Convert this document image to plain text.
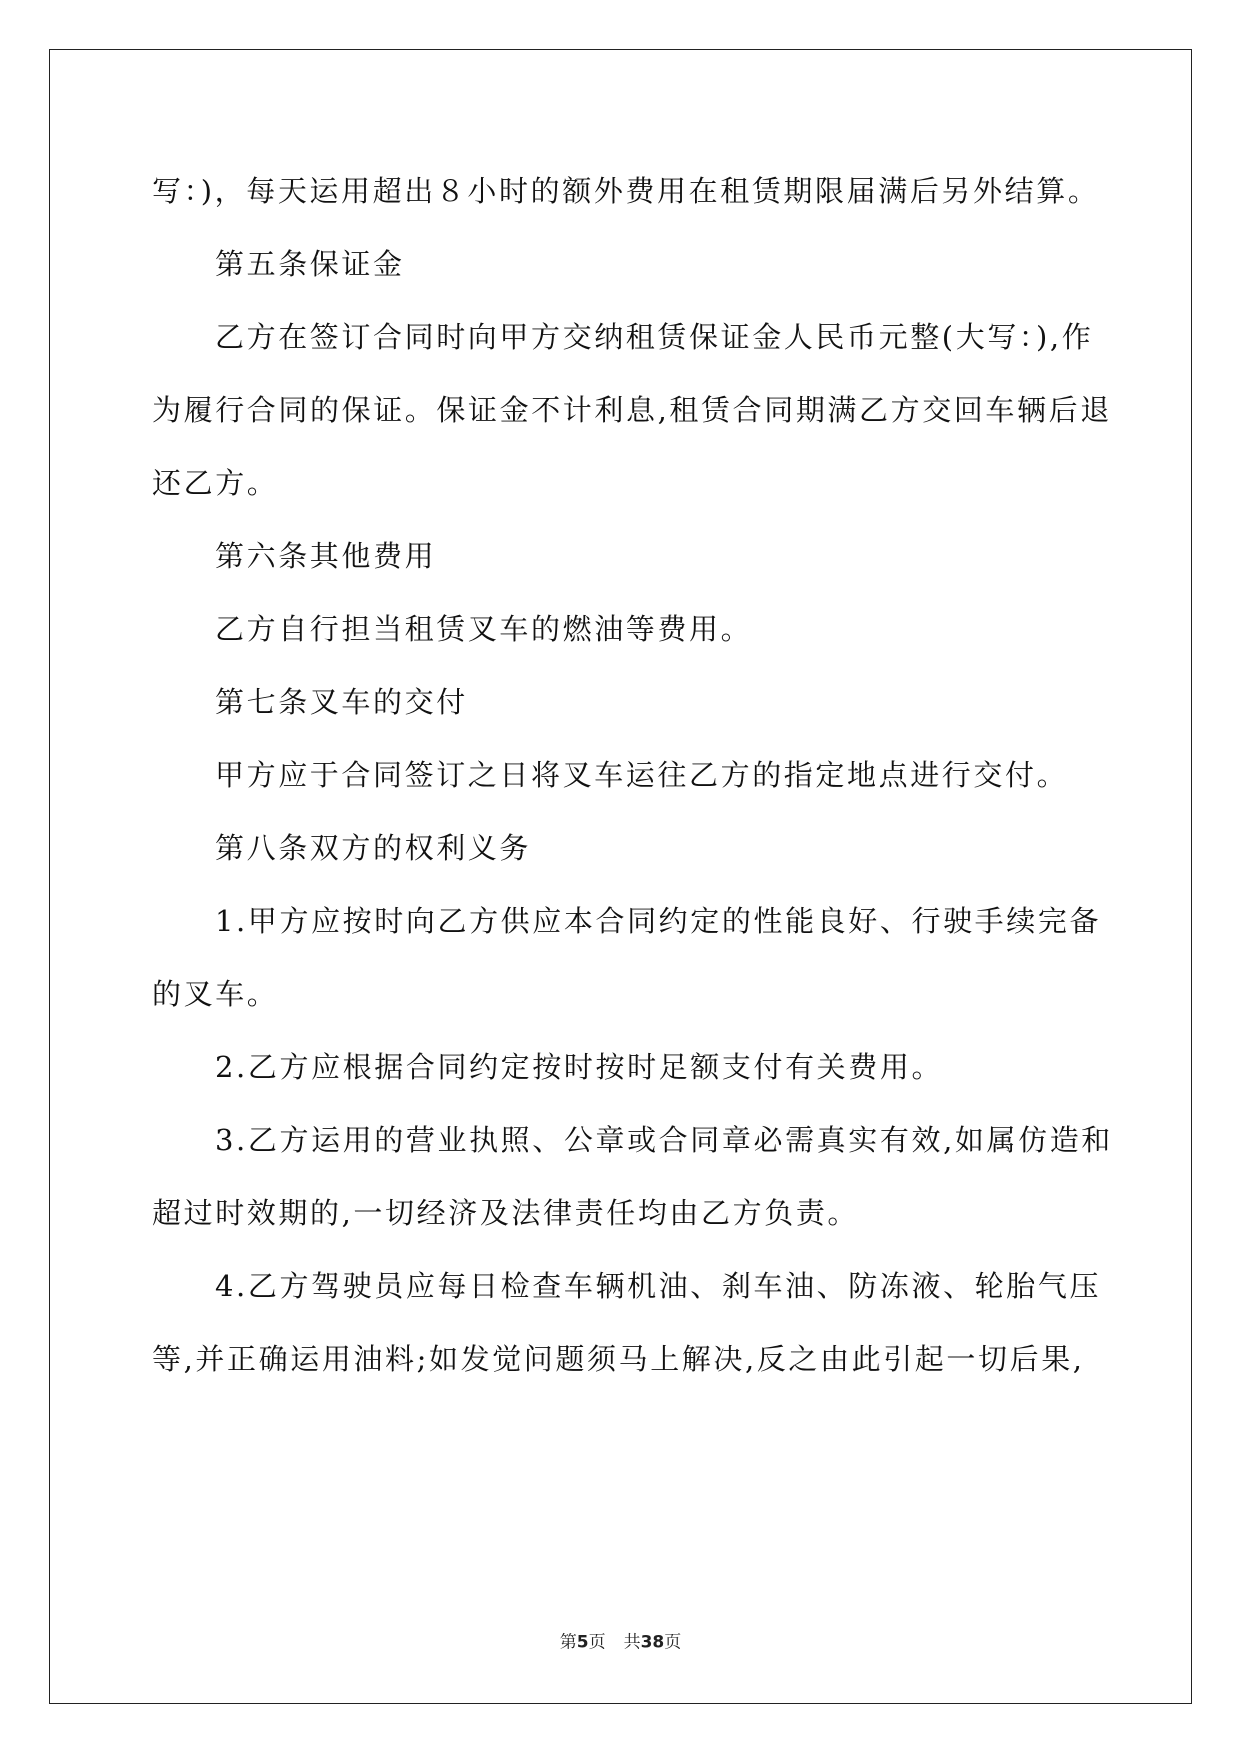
写：)，每天运用超出８小时的额外费用在租赁期限届满后另外结算。

第五条保证金

乙方在签订合同时向甲方交纳租赁保证金人民币元整(大写：),作

为履行合同的保证。保证金不计利息,租赁合同期满乙方交回车辆后退

还乙方。

第六条其他费用

乙方自行担当租赁叉车的燃油等费用。

第七条叉车的交付

甲方应于合同签订之日将叉车运往乙方的指定地点进行交付。

第八条双方的权利义务

1.甲方应按时向乙方供应本合同约定的性能良好、行驶手续完备

的叉车。

2.乙方应根据合同约定按时按时足额支付有关费用。

3.乙方运用的营业执照、公章或合同章必需真实有效,如属仿造和

超过时效期的,一切经济及法律责任均由乙方负责。

4.乙方驾驶员应每日检查车辆机油、刹车油、防冻液、轮胎气压

等,并正确运用油料;如发觉问题须马上解决,反之由此引起一切后果,

第5页 共38页
